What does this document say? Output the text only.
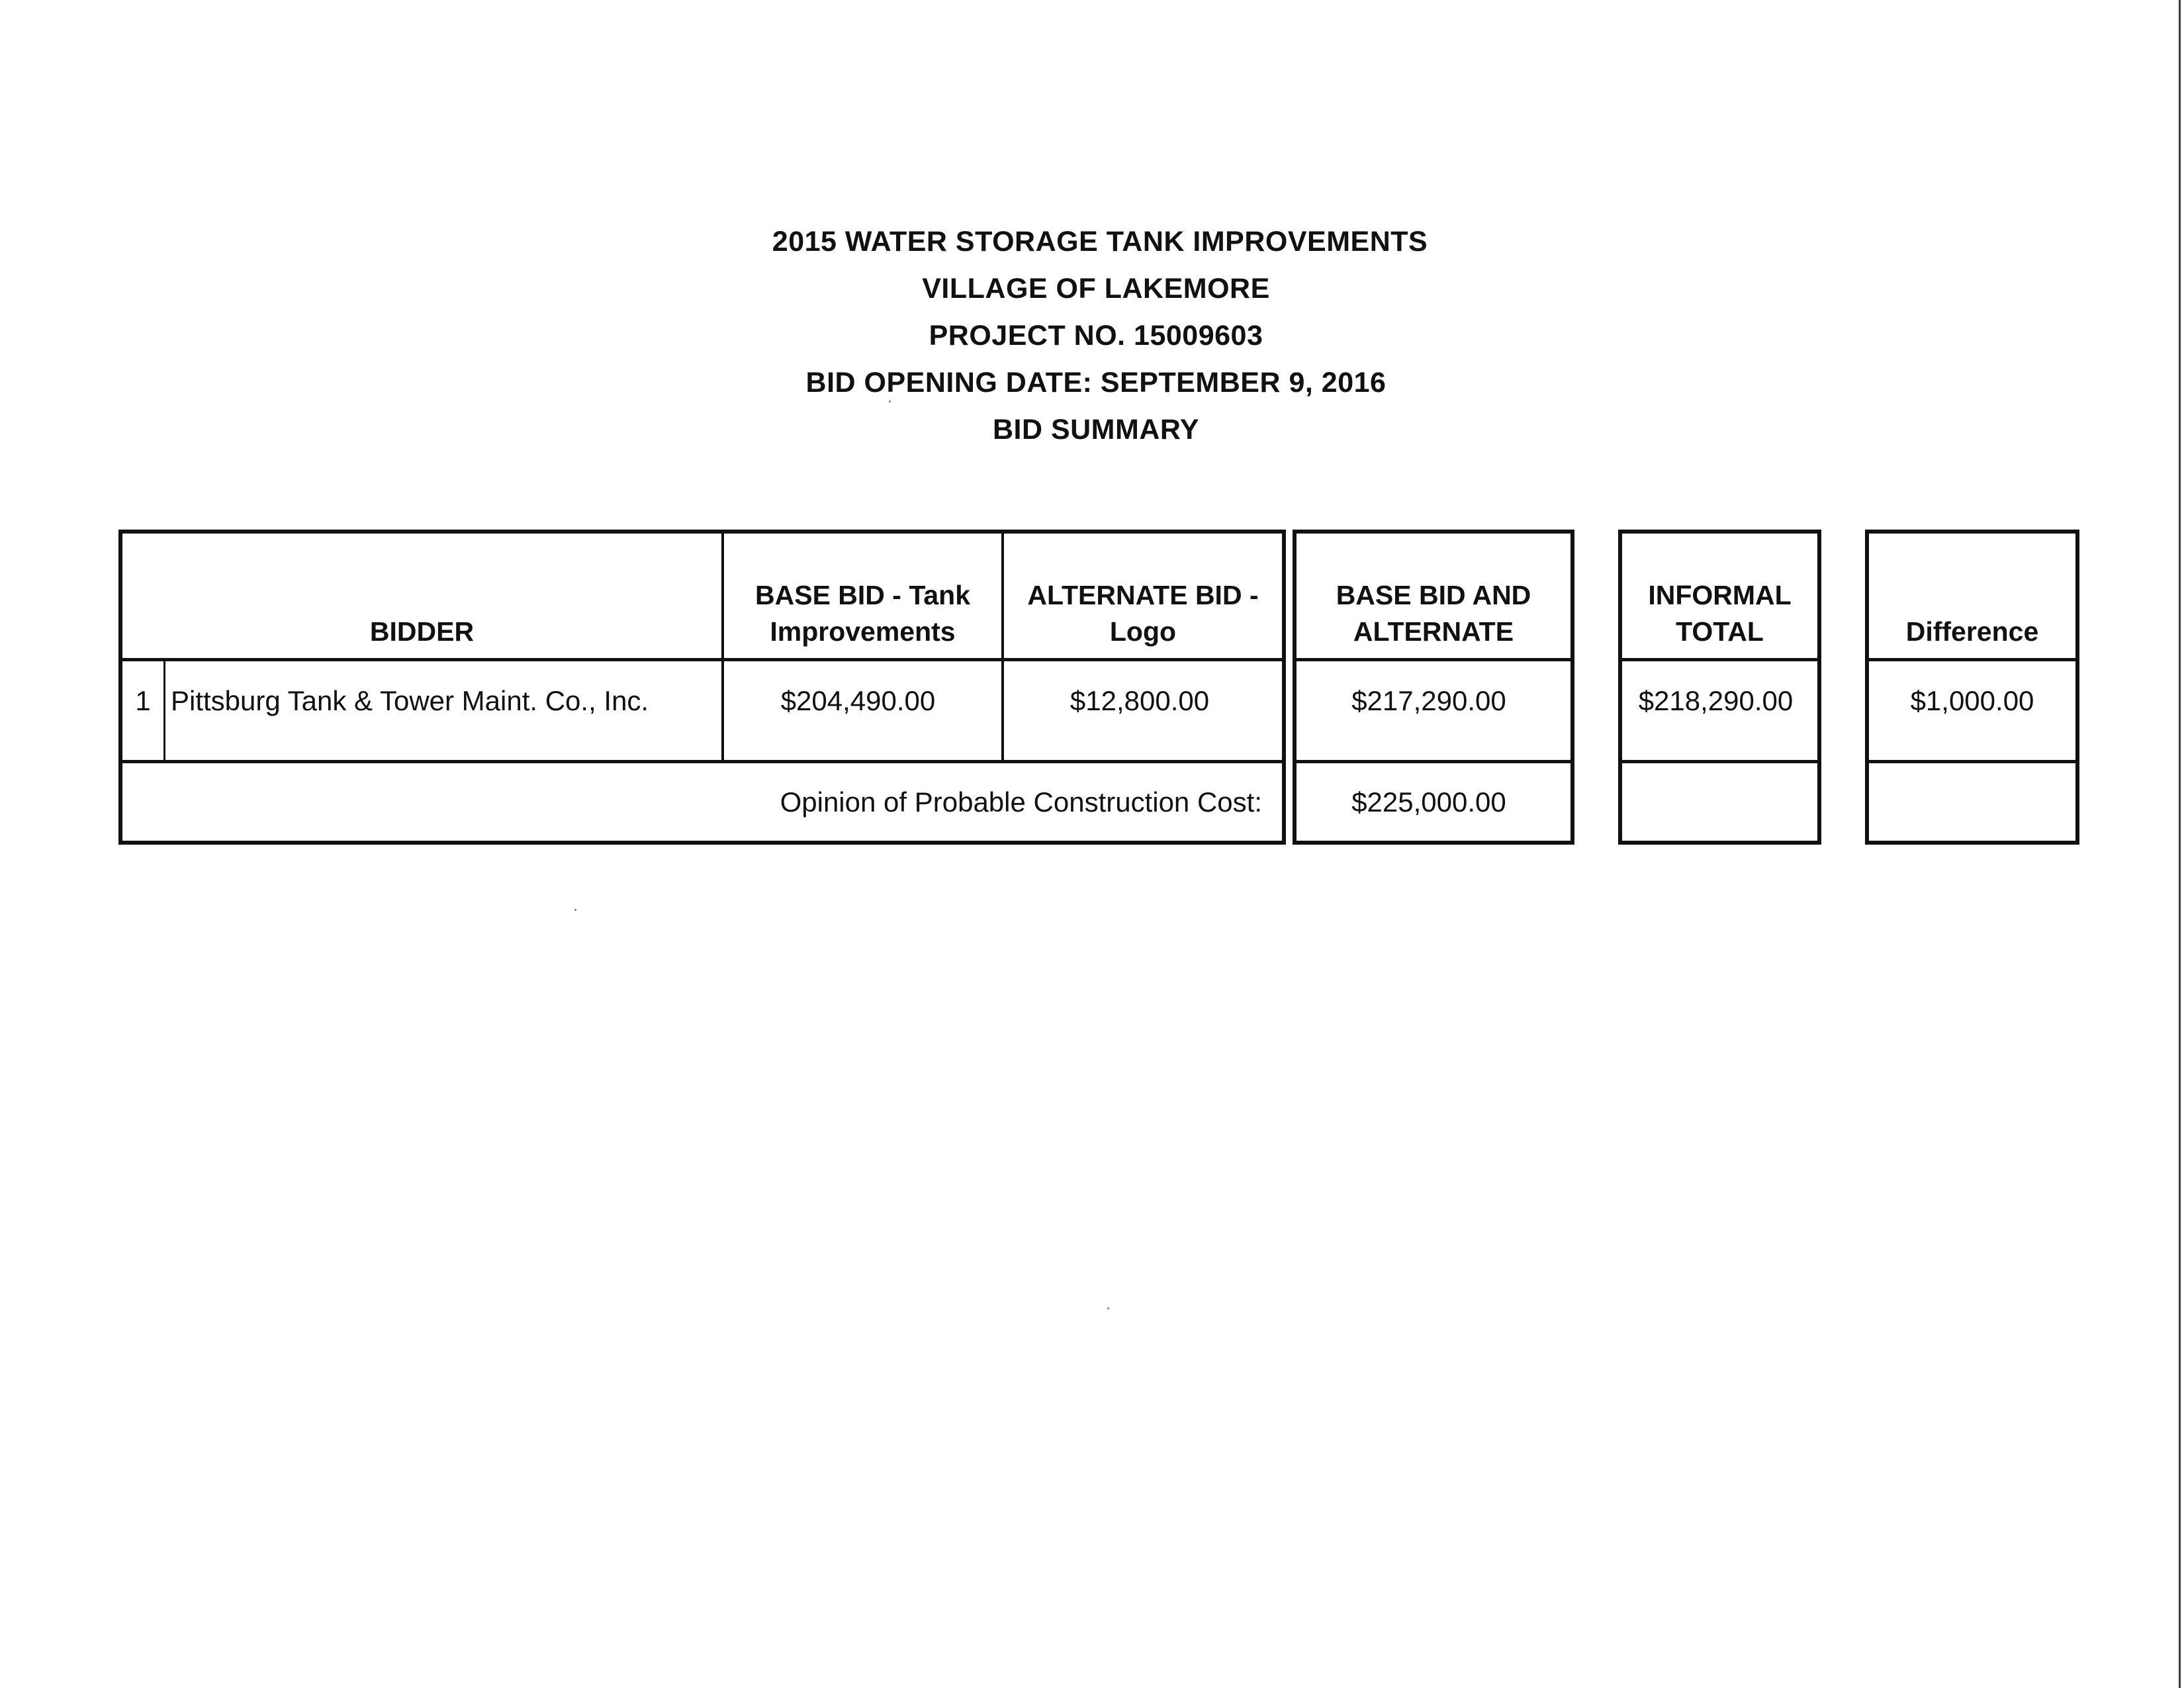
2015 WATER STORAGE TANK IMPROVEMENTS
VILLAGE OF LAKEMORE
PROJECT NO. 15009603
BID OPENING DATE: SEPTEMBER 9, 2016
BID SUMMARY
BIDDER
BASE BID - Tank
Improvements
ALTERNATE BID -
Logo
1 Pittsburg Tank & Tower Maint. Co., Inc.	$204,490.00	$12,800.00
Opinion of Probable Construction Cost:
BASE BID AND
ALTERNATE
$217,290.00
$225,000.00
INFORMAL
TOTAL
$218,290.00
Difference
$1,000.00
